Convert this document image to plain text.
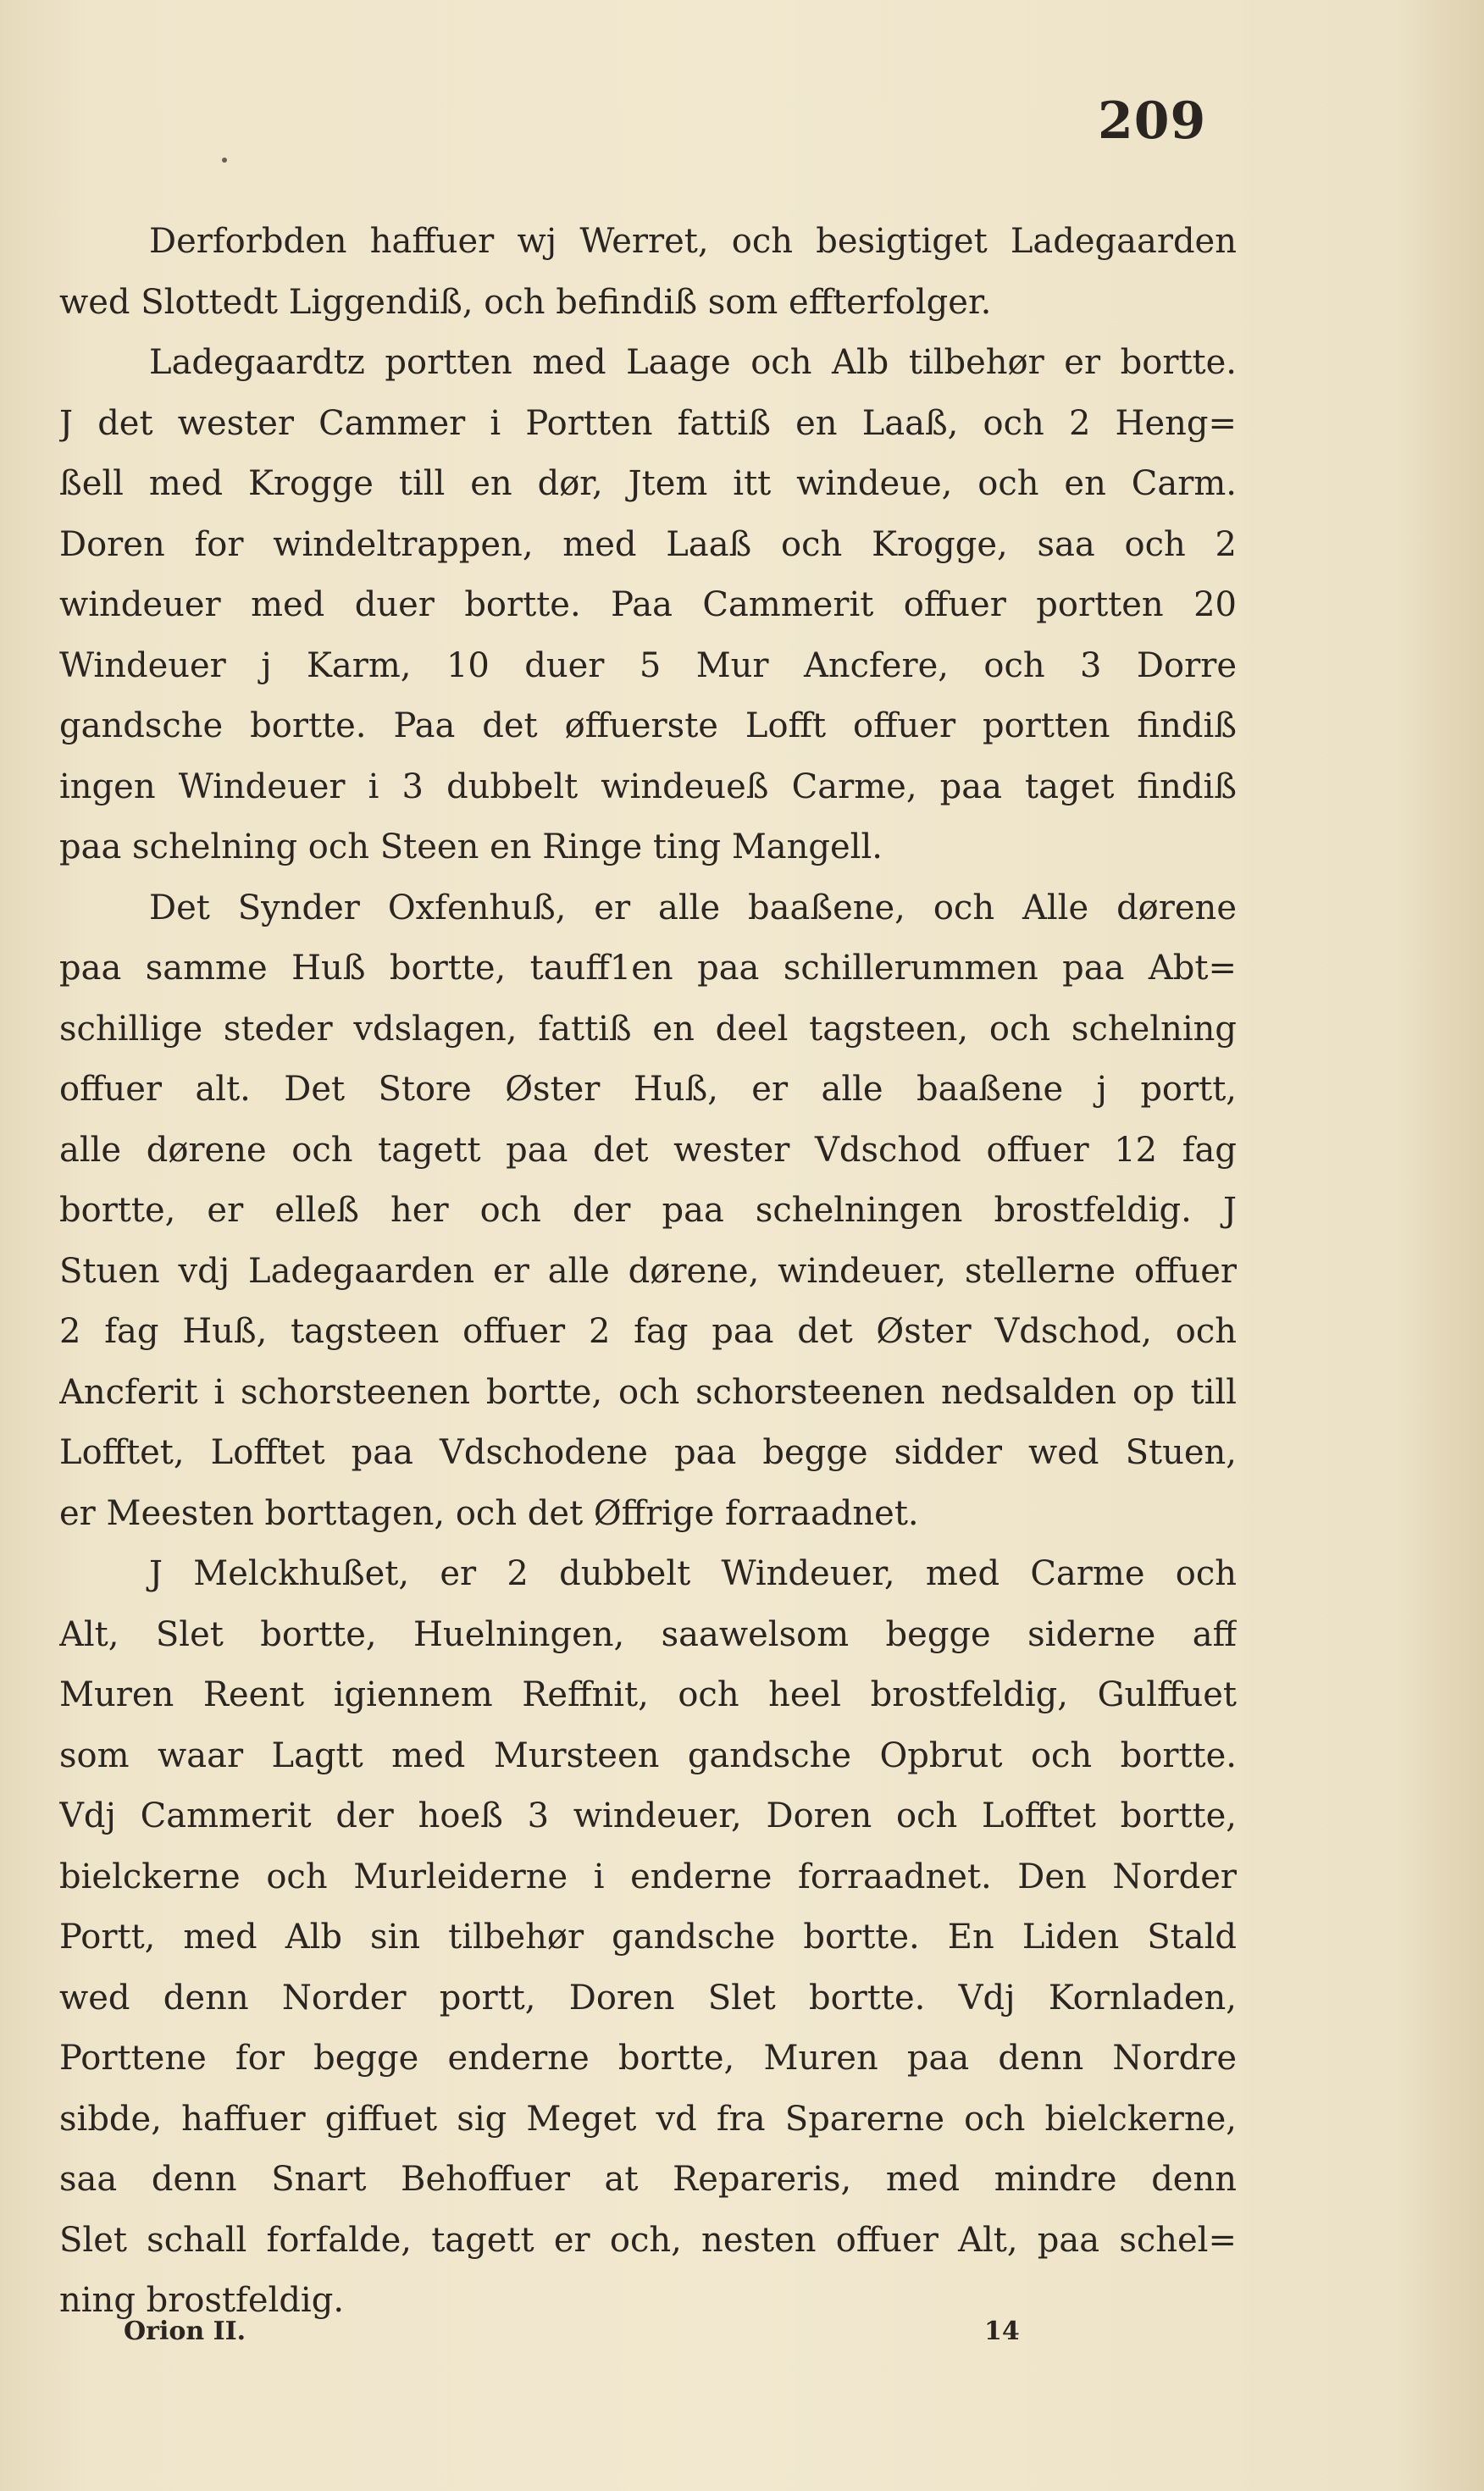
209
Derforbden haffuer wj Werret, och besigtiget Ladegaarden
wed Slottedt Liggendiß, och befindiß som effterfolger.
Ladegaardtz portten med Laage och Alb tilbehør er bortte.
J det wester Cammer i Portten fattiß en Laaß, och 2 Heng=
ßell med Krogge till en dør, Jtem itt windeue, och en Carm.
Doren for windeltrappen, med Laaß och Krogge, saa och 2
windeuer med duer bortte. Paa Cammerit offuer portten 20
Windeuer j Karm, 10 duer 5 Mur Ancfere, och 3 Dorre
gandsche bortte. Paa det øffuerste Lofft offuer portten findiß
ingen Windeuer i 3 dubbelt windeueß Carme, paa taget findiß
paa schelning och Steen en Ringe ting Mangell.
Det Synder Oxfenhuß, er alle baaßene, och Alle dørene
paa samme Huß bortte, tauff1en paa schillerummen paa Abt=
schillige steder vdslagen, fattiß en deel tagsteen, och schelning
offuer alt. Det Store Øster Huß, er alle baaßene j portt,
alle dørene och tagett paa det wester Vdschod offuer 12 fag
bortte, er elleß her och der paa schelningen brostfeldig. J
Stuen vdj Ladegaarden er alle dørene, windeuer, stellerne offuer
2 fag Huß, tagsteen offuer 2 fag paa det Øster Vdschod, och
Ancferit i schorsteenen bortte, och schorsteenen nedsalden op till
Lofftet, Lofftet paa Vdschodene paa begge sidder wed Stuen,
er Meesten borttagen, och det Øffrige forraadnet.
J Melckhußet, er 2 dubbelt Windeuer, med Carme och
Alt, Slet bortte, Huelningen, saawelsom begge siderne aff
Muren Reent igiennem Reffnit, och heel brostfeldig, Gulffuet
som waar Lagtt med Mursteen gandsche Opbrut och bortte.
Vdj Cammerit der hoeß 3 windeuer, Doren och Lofftet bortte,
bielckerne och Murleiderne i enderne forraadnet. Den Norder
Portt, med Alb sin tilbehør gandsche bortte. En Liden Stald
wed denn Norder portt, Doren Slet bortte. Vdj Kornladen,
Porttene for begge enderne bortte, Muren paa denn Nordre
sibde, haffuer giffuet sig Meget vd fra Sparerne och bielckerne,
saa denn Snart Behoffuer at Repareris, med mindre denn
Slet schall forfalde, tagett er och, nesten offuer Alt, paa schel=
ning brostfeldig.
Orion II.	14
